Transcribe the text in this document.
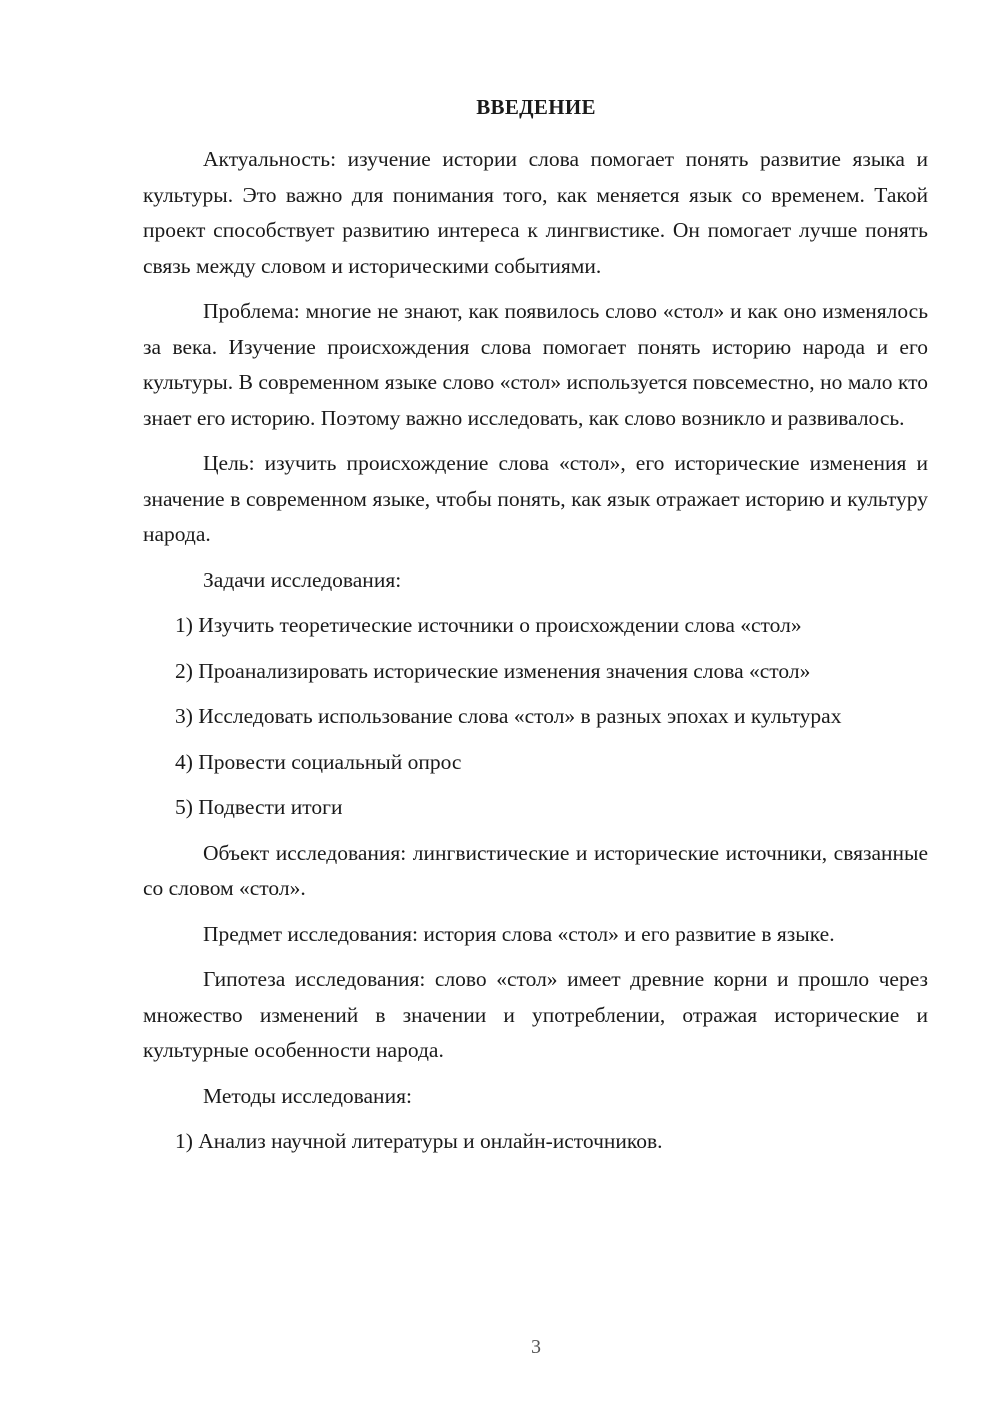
ВВЕДЕНИЕ

Актуальность: изучение истории слова помогает понять развитие языка и культуры. Это важно для понимания того, как меняется язык со временем. Такой проект способствует развитию интереса к лингвистике. Он помогает лучше понять связь между словом и историческими событиями.

Проблема: многие не знают, как появилось слово «стол» и как оно изменялось за века. Изучение происхождения слова помогает понять историю народа и его культуры. В современном языке слово «стол» используется повсеместно, но мало кто знает его историю. Поэтому важно исследовать, как слово возникло и развивалось.

Цель: изучить происхождение слова «стол», его исторические изменения и значение в современном языке, чтобы понять, как язык отражает историю и культуру народа.

Задачи исследования:

1) Изучить теоретические источники о происхождении слова «стол»

2) Проанализировать исторические изменения значения слова «стол»

3) Исследовать использование слова «стол» в разных эпохах и культурах

4) Провести социальный опрос

5) Подвести итоги

Объект исследования: лингвистические и исторические источники, связанные со словом «стол».

Предмет исследования: история слова «стол» и его развитие в языке.

Гипотеза исследования: слово «стол» имеет древние корни и прошло через множество изменений в значении и употреблении, отражая исторические и культурные особенности народа.

Методы исследования:

1) Анализ научной литературы и онлайн-источников.

3
